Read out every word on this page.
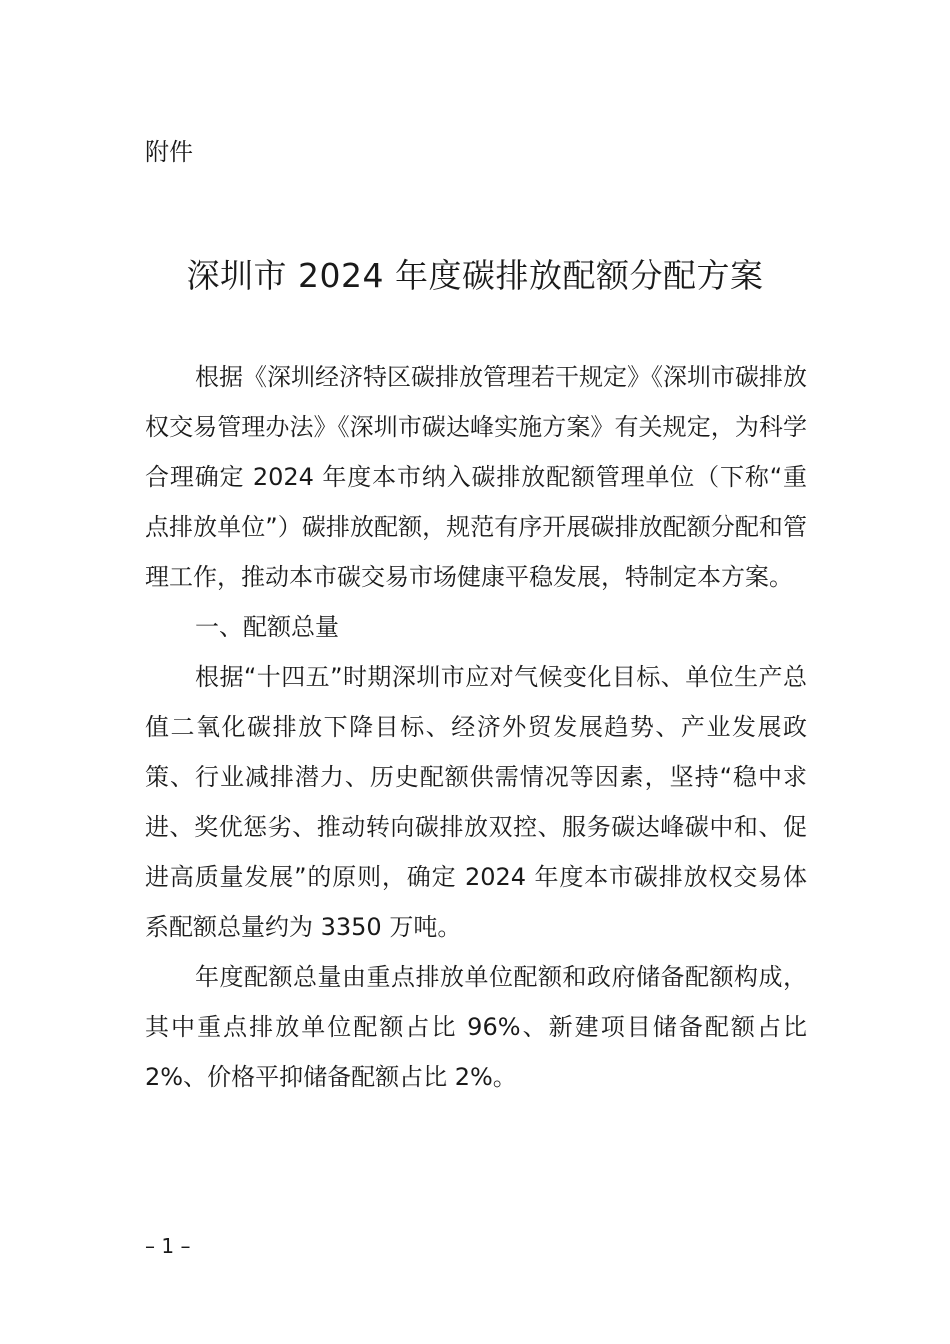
附件

深圳市 2024 年度碳排放配额分配方案

根据《深圳经济特区碳排放管理若干规定》《深圳市碳排放权交易管理办法》《深圳市碳达峰实施方案》有关规定，为科学合理确定 2024 年度本市纳入碳排放配额管理单位（下称“重点排放单位”）碳排放配额，规范有序开展碳排放配额分配和管理工作，推动本市碳交易市场健康平稳发展，特制定本方案。

一、配额总量

根据“十四五”时期深圳市应对气候变化目标、单位生产总值二氧化碳排放下降目标、经济外贸发展趋势、产业发展政策、行业减排潜力、历史配额供需情况等因素，坚持“稳中求进、奖优惩劣、推动转向碳排放双控、服务碳达峰碳中和、促进高质量发展”的原则，确定 2024 年度本市碳排放权交易体系配额总量约为 3350 万吨。

年度配额总量由重点排放单位配额和政府储备配额构成，其中重点排放单位配额占比 96%、新建项目储备配额占比 2%、价格平抑储备配额占比 2%。

– 1 –
